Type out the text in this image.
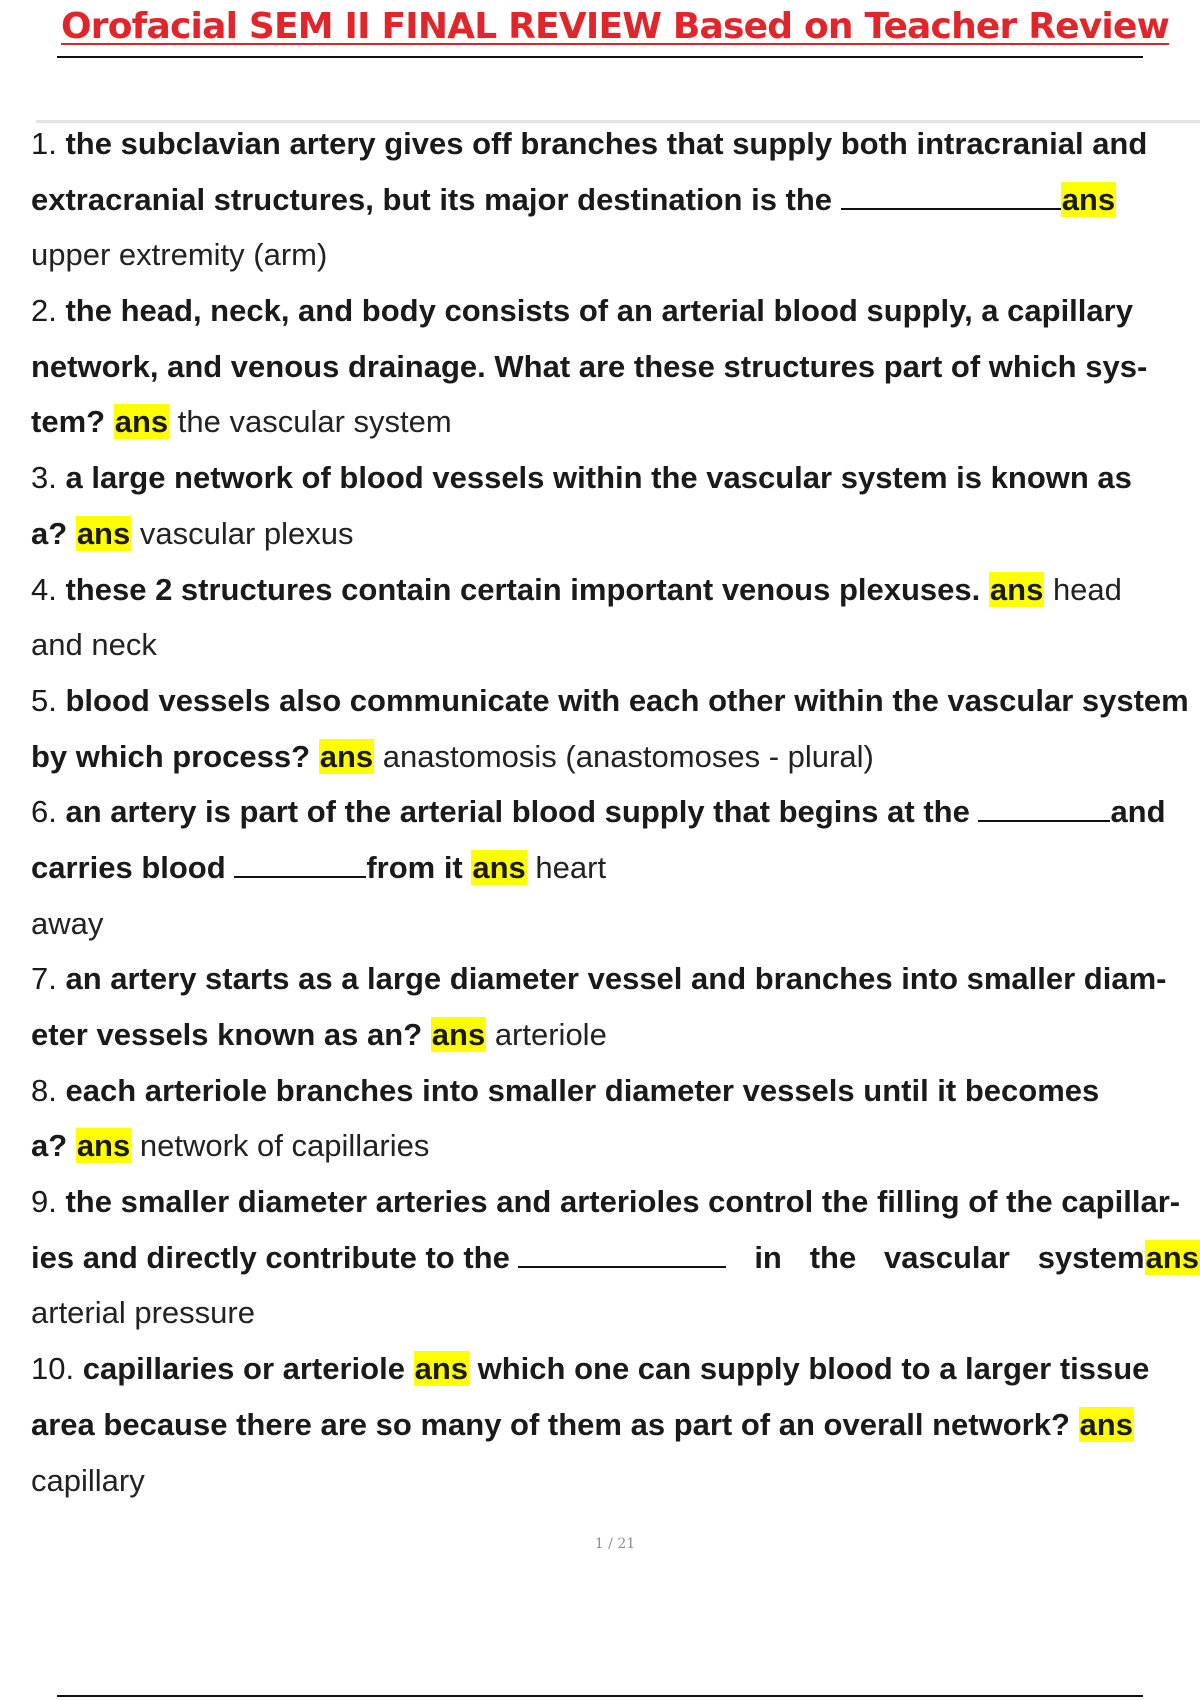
Orofacial SEM II FINAL REVIEW Based on Teacher Review
1. the subclavian artery gives off branches that supply both intracranial and
extracranial structures, but its major destination is the	ans
upper extremity (arm)
2. the head, neck, and body consists of an arterial blood supply, a capillary
network, and venous drainage. What are these structures part of which sys-
tem? ans the vascular system
3. a large network of blood vessels within the vascular system is known as
a? ans vascular plexus
4. these 2 structures contain certain important venous plexuses. ans head
and neck
5. blood vessels also communicate with each other within the vascular system
by which process? ans anastomosis (anastomoses - plural)
6. an artery is part of the arterial blood supply that begins at the	and
carries blood	from it ans heart
away
7. an artery starts as a large diameter vessel and branches into smaller diam-
eter vessels known as an? ans arteriole
8. each arteriole branches into smaller diameter vessels until it becomes
a? ans network of capillaries
9. the smaller diameter arteries and arterioles control the filling of the capillar-
ies and directly contribute to the	in the vascular systemans
arterial pressure
10. capillaries or arteriole ans which one can supply blood to a larger tissue
area because there are so many of them as part of an overall network? ans
capillary
1 / 21
